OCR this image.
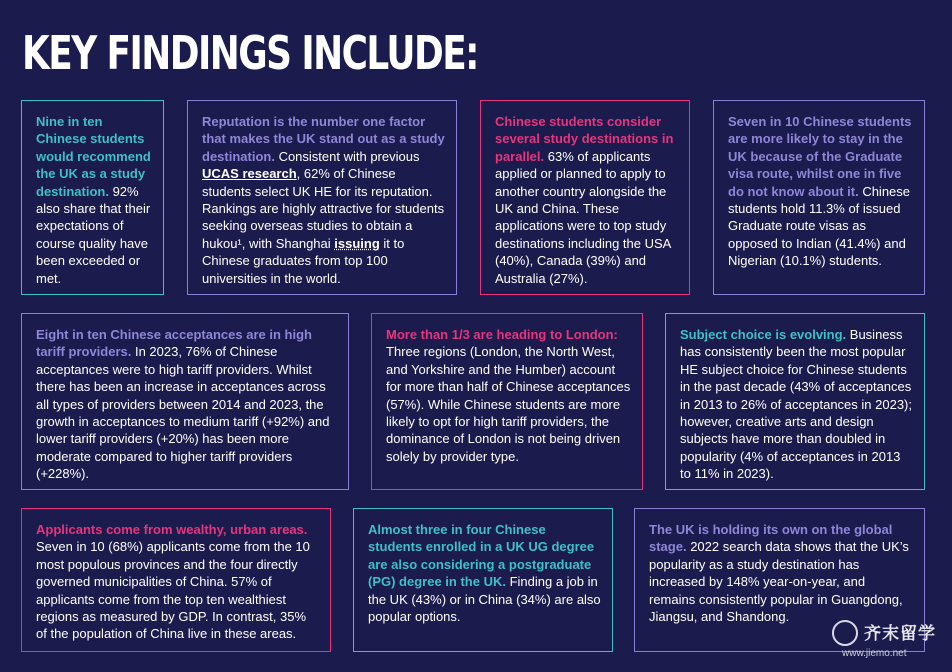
KEY FINDINGS INCLUDE:

Nine in ten Chinese students would recommend the UK as a study destination. 92% also share that their expectations of course quality have been exceeded or met.

Reputation is the number one factor that makes the UK stand out as a study destination. Consistent with previous UCAS research, 62% of Chinese students select UK HE for its reputation. Rankings are highly attractive for students seeking overseas studies to obtain a hukou¹, with Shanghai issuing it to Chinese graduates from top 100 universities in the world.

Chinese students consider several study destinations in parallel. 63% of applicants applied or planned to apply to another country alongside the UK and China. These applications were to top study destinations including the USA (40%), Canada (39%) and Australia (27%).

Seven in 10 Chinese students are more likely to stay in the UK because of the Graduate visa route, whilst one in five do not know about it. Chinese students hold 11.3% of issued Graduate route visas as opposed to Indian (41.4%) and Nigerian (10.1%) students.

Eight in ten Chinese acceptances are in high tariff providers. In 2023, 76% of Chinese acceptances were to high tariff providers. Whilst there has been an increase in acceptances across all types of providers between 2014 and 2023, the growth in acceptances to medium tariff (+92%) and lower tariff providers (+20%) has been more moderate compared to higher tariff providers (+228%).

More than 1/3 are heading to London: Three regions (London, the North West, and Yorkshire and the Humber) account for more than half of Chinese acceptances (57%). While Chinese students are more likely to opt for high tariff providers, the dominance of London is not being driven solely by provider type.

Subject choice is evolving. Business has consistently been the most popular HE subject choice for Chinese students in the past decade (43% of acceptances in 2013 to 26% of acceptances in 2023); however, creative arts and design subjects have more than doubled in popularity (4% of acceptances in 2013 to 11% in 2023).

Applicants come from wealthy, urban areas. Seven in 10 (68%) applicants come from the 10 most populous provinces and the four directly governed municipalities of China. 57% of applicants come from the top ten wealthiest regions as measured by GDP. In contrast, 35% of the population of China live in these areas.

Almost three in four Chinese students enrolled in a UK UG degree are also considering a postgraduate (PG) degree in the UK. Finding a job in the UK (43%) or in China (34%) are also popular options.

The UK is holding its own on the global stage. 2022 search data shows that the UK’s popularity as a study destination has increased by 148% year-on-year, and remains consistently popular in Guangdong, Jiangsu, and Shandong.

齐末留学
www.jiemo.net
